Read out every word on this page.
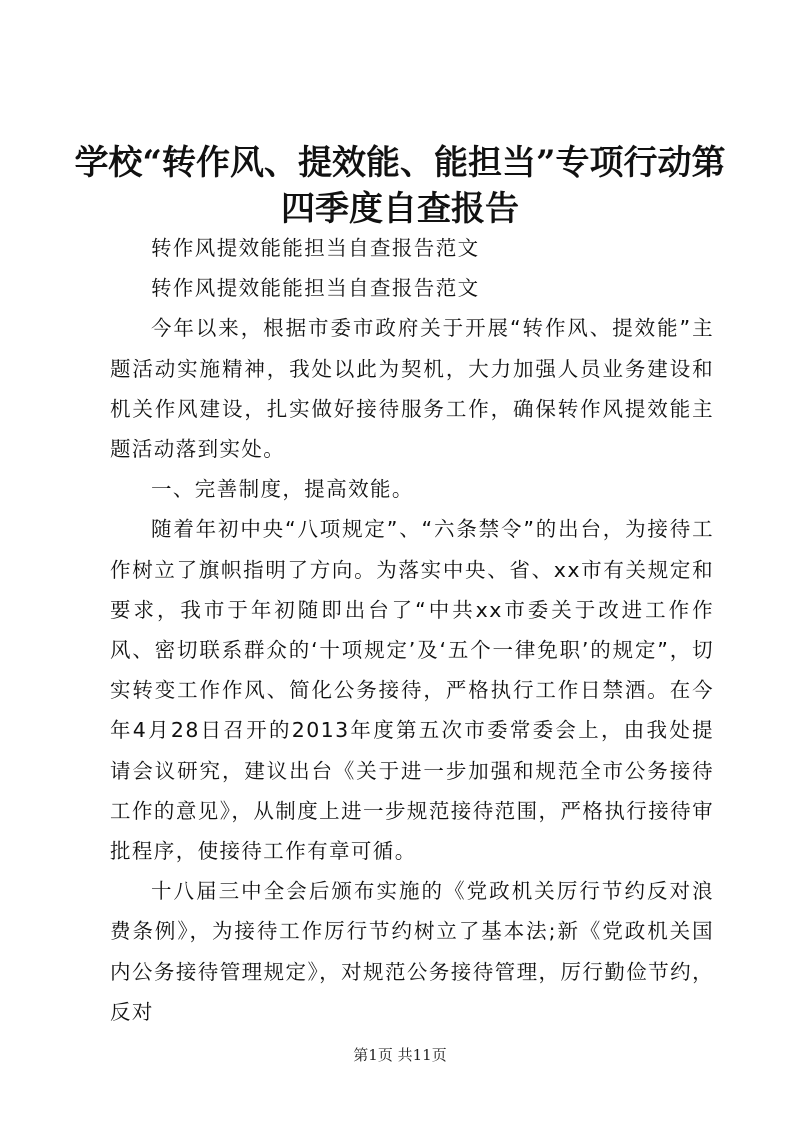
学校“转作风、提效能、能担当”专项行动第四季度自查报告

转作风提效能能担当自查报告范文

转作风提效能能担当自查报告范文

今年以来，根据市委市政府关于开展“转作风、提效能”主题活动实施精神，我处以此为契机，大力加强人员业务建设和机关作风建设，扎实做好接待服务工作，确保转作风提效能主题活动落到实处。

一、完善制度，提高效能。

随着年初中央“八项规定”、“六条禁令”的出台，为接待工作树立了旗帜指明了方向。为落实中央、省、xx市有关规定和要求，我市于年初随即出台了“中共xx市委关于改进工作作风、密切联系群众的‘十项规定’及‘五个一律免职’的规定”，切实转变工作作风、简化公务接待，严格执行工作日禁酒。在今年4月28日召开的2013年度第五次市委常委会上，由我处提请会议研究，建议出台《关于进一步加强和规范全市公务接待工作的意见》，从制度上进一步规范接待范围，严格执行接待审批程序，使接待工作有章可循。

十八届三中全会后颁布实施的《党政机关厉行节约反对浪费条例》，为接待工作厉行节约树立了基本法;新《党政机关国内公务接待管理规定》，对规范公务接待管理，厉行勤俭节约，反对

第1页 共11页
